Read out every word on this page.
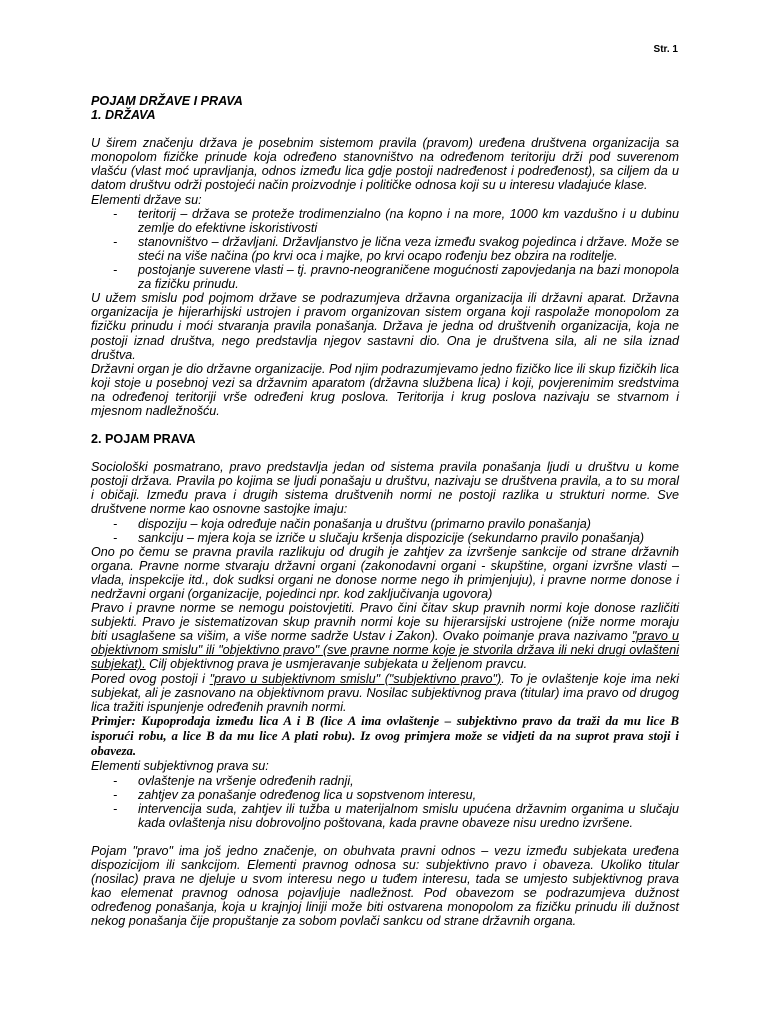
Str. 1

POJAM DRŽAVE I PRAVA

1. DRŽAVA

U širem značenju država je posebnim sistemom pravila (pravom) uređena društvena organizacija sa monopolom fizičke prinude koja određeno stanovništvo na određenom teritoriju drži pod suverenom vlašću (vlast moć upravljanja, odnos između lica gdje postoji nadređenost i podređenost), sa ciljem da u datom društvu održi postojeći način proizvodnje i političke odnosa koji su u interesu vladajuće klase.

Elementi države su:

- teritorij – država se proteže trodimenzialno (na kopno i na more, 1000 km vazdušno i u dubinu zemlje do efektivne iskoristivosti
- stanovništvo – državljani. Državljanstvo je lična veza između svakog pojedinca i države. Može se steći na više načina (po krvi oca i majke, po krvi ocapo rođenju bez obzira na roditelje.
- postojanje suverene vlasti – tj. pravno-neograničene mogućnosti zapovjedanja na bazi monopola za fizičku prinudu.

U užem smislu pod pojmom države se podrazumjeva državna organizacija ili državni aparat. Državna organizacija je hijerarhijski ustrojen i pravom organizovan sistem organa koji raspolaže monopolom za fizičku prinudu i moći stvaranja pravila ponašanja. Država je jedna od društvenih organizacija, koja ne postoji iznad društva, nego predstavlja njegov sastavni dio. Ona je društvena sila, ali ne sila iznad društva.

Državni organ je dio državne organizacije. Pod njim podrazumjevamo jedno fizičko lice ili skup fizičkih lica koji stoje u posebnoj vezi sa državnim aparatom (državna službena lica) i koji, povjerenimim sredstvima na određenoj teritoriji vrše određeni krug poslova. Teritorija i krug poslova nazivaju se stvarnom i mjesnom nadležnošću.

2. POJAM PRAVA

Sociološki posmatrano, pravo predstavlja jedan od sistema pravila ponašanja ljudi u društvu u kome postoji država. Pravila po kojima se ljudi ponašaju u društvu, nazivaju se društvena pravila, a to su moral i običaji. Između prava i drugih sistema društvenih normi ne postoji razlika u strukturi norme. Sve društvene norme kao osnovne sastojke imaju:

- dispoziju – koja određuje način ponašanja u društvu (primarno pravilo ponašanja)
- sankciju – mjera koja se izriče u slučaju kršenja dispozicije (sekundarno pravilo ponašanja)

Ono po čemu se pravna pravila razlikuju od drugih je zahtjev za izvršenje sankcije od strane državnih organa. Pravne norme stvaraju državni organi (zakonodavni organi - skupštine, organi izvršne vlasti – vlada, inspekcije itd., dok sudksi organi ne donose norme nego ih primjenjuju), i pravne norme donose i nedržavni organi (organizacije, pojedinci npr. kod zaključivanja ugovora)

Pravo i pravne norme se nemogu poistovjetiti. Pravo čini čitav skup pravnih normi koje donose različiti subjekti. Pravo je sistematizovan skup pravnih normi koje su hijerarsijski ustrojene (niže norme moraju biti usaglašene sa višim, a više norme sadrže Ustav i Zakon). Ovako poimanje prava nazivamo "pravo u objektivnom smislu" ili "objektivno pravo" (sve pravne norme koje je stvorila država ili neki drugi ovlašteni subjekat). Cilj objektivnog prava je usmjeravanje subjekata u željenom pravcu.

Pored ovog postoji i "pravo u subjektivnom smislu" ("subjektivno pravo"). To je ovlaštenje koje ima neki subjekat, ali je zasnovano na objektivnom pravu. Nosilac subjektivnog prava (titular) ima pravo od drugog lica tražiti ispunjenje određenih pravnih normi.

Primjer: Kupoprodaja između lica A i B (lice A ima ovlaštenje – subjektivno pravo da traži da mu lice B isporući robu, a lice B da mu lice A plati robu). Iz ovog primjera može se vidjeti da na suprot prava stoji i obaveza.

Elementi subjektivnog prava su:

- ovlaštenje na vršenje određenih radnji,
- zahtjev za ponašanje određenog lica u sopstvenom interesu,
- intervencija suda, zahtjev ili tužba u materijalnom smislu upućena državnim organima u slučaju kada ovlaštenja nisu dobrovoljno poštovana, kada pravne obaveze nisu uredno izvršene.

Pojam "pravo" ima još jedno značenje, on obuhvata pravni odnos – vezu između subjekata uređena dispozicijom ili sankcijom. Elementi pravnog odnosa su: subjektivno pravo i obaveza. Ukoliko titular (nosilac) prava ne djeluje u svom interesu nego u tuđem interesu, tada se umjesto subjektivnog prava kao elemenat pravnog odnosa pojavljuje nadležnost. Pod obavezom se podrazumjeva dužnost određenog ponašanja, koja u krajnjoj liniji može biti ostvarena monopolom za fizičku prinudu ili dužnost nekog ponašanja čije propuštanje za sobom povlači sankcu od strane državnih organa.
